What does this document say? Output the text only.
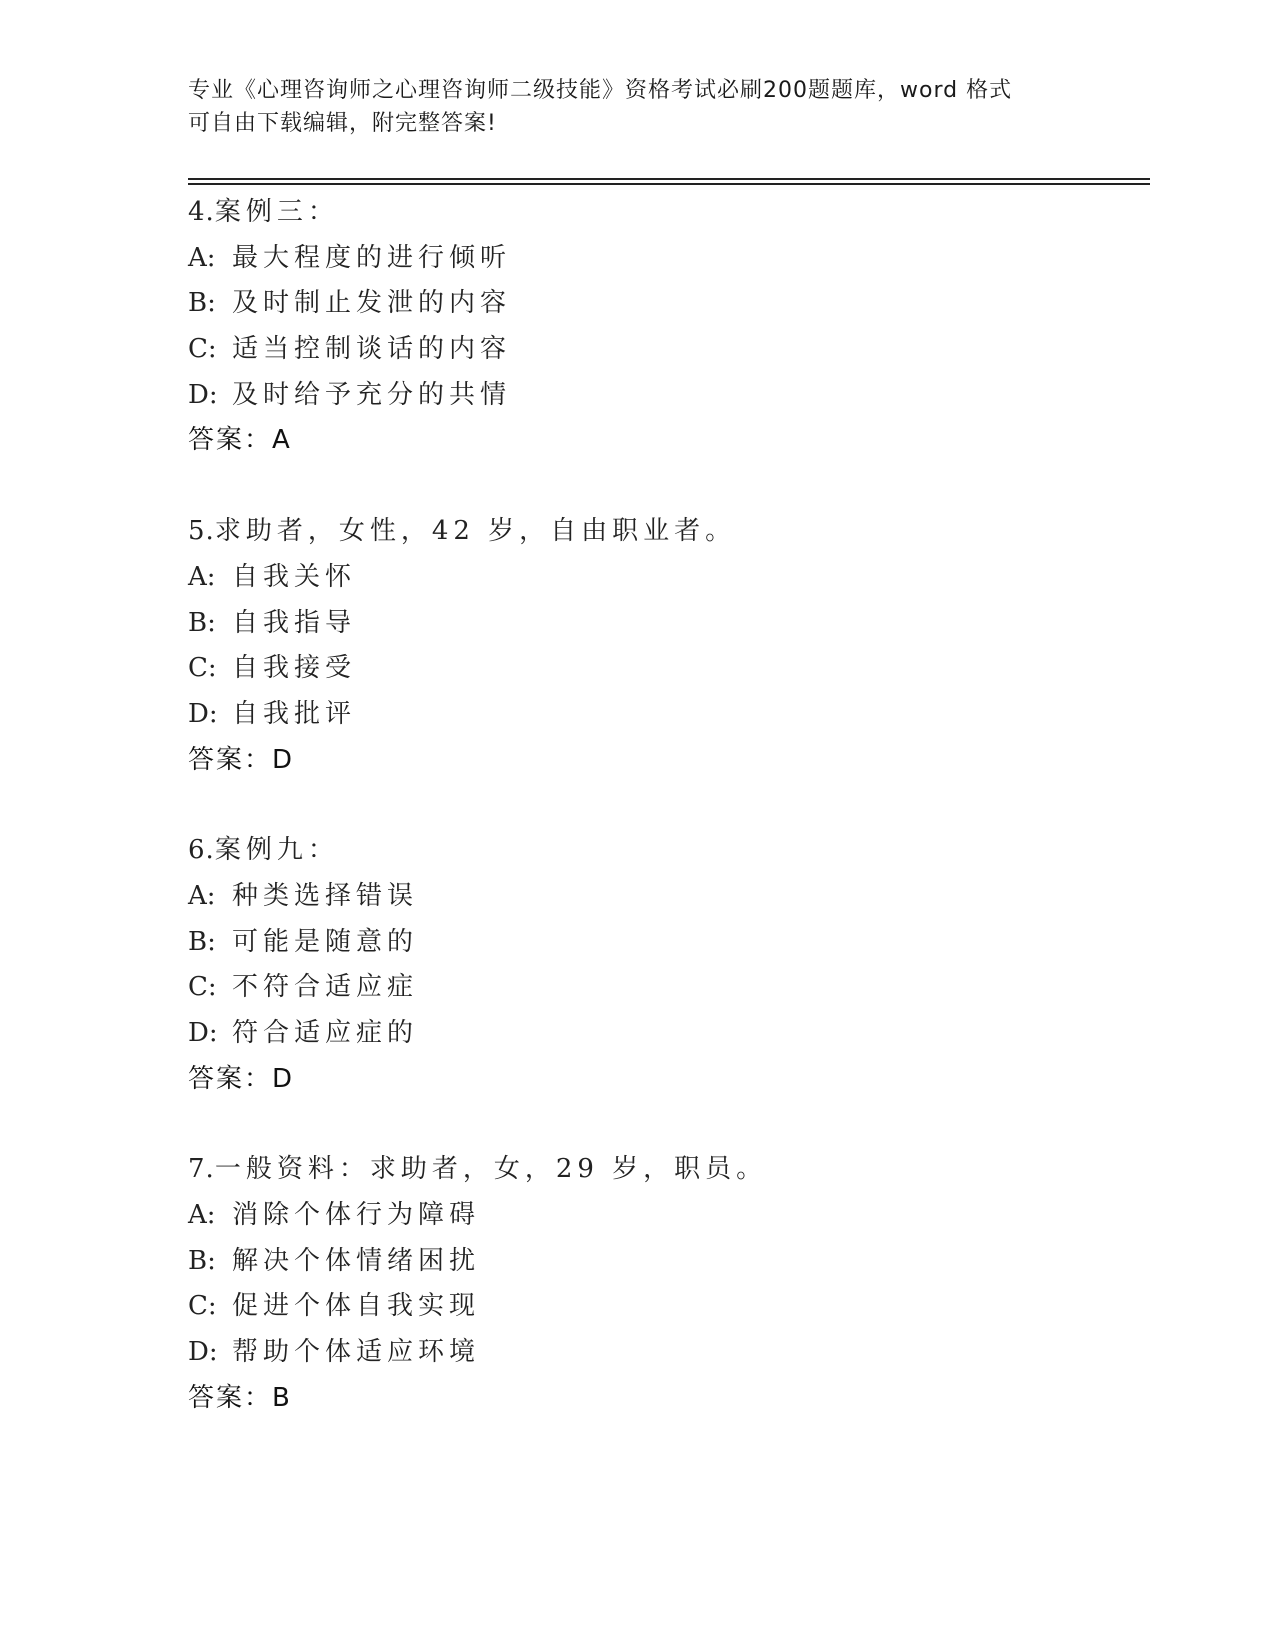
专业《心理咨询师之心理咨询师二级技能》资格考试必刷200题题库，word 格式
可自由下载编辑，附完整答案!
4.案例三：
A: 最大程度的进行倾听
B: 及时制止发泄的内容
C: 适当控制谈话的内容
D: 及时给予充分的共情
答案：A
5.求助者，女性，42 岁，自由职业者。
A: 自我关怀
B: 自我指导
C: 自我接受
D: 自我批评
答案：D
6.案例九：
A: 种类选择错误
B: 可能是随意的
C: 不符合适应症
D: 符合适应症的
答案：D
7.一般资料：求助者，女，29 岁，职员。
A: 消除个体行为障碍
B: 解决个体情绪困扰
C: 促进个体自我实现
D: 帮助个体适应环境
答案：B
